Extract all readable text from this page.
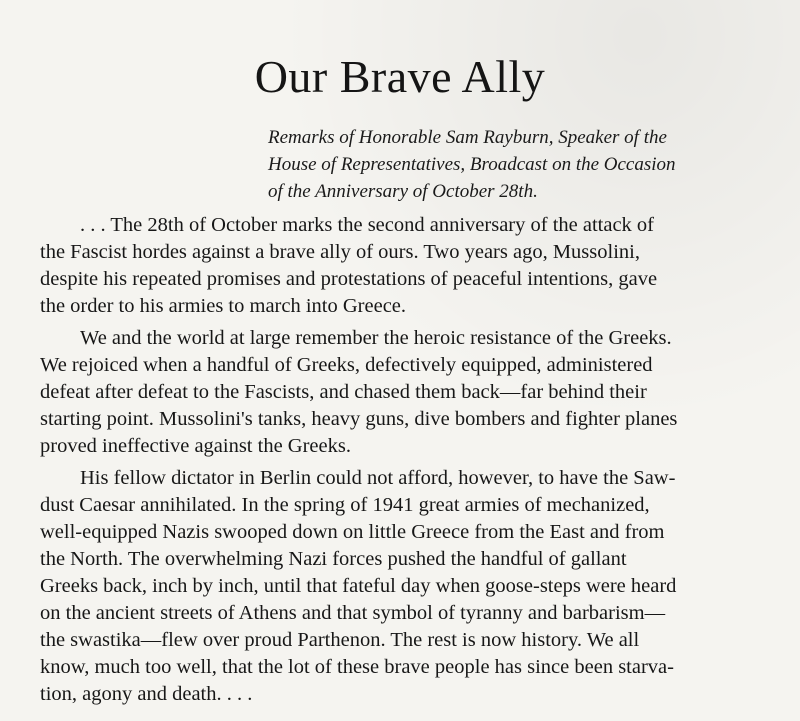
Our Brave Ally

Remarks of Honorable Sam Rayburn, Speaker of the
House of Representatives, Broadcast on the Occasion
of the Anniversary of October 28th.

. . . The 28th of October marks the second anniversary of the attack of
the Fascist hordes against a brave ally of ours. Two years ago, Mussolini,
despite his repeated promises and protestations of peaceful intentions, gave
the order to his armies to march into Greece.
We and the world at large remember the heroic resistance of the Greeks.
We rejoiced when a handful of Greeks, defectively equipped, administered
defeat after defeat to the Fascists, and chased them back—far behind their
starting point. Mussolini's tanks, heavy guns, dive bombers and fighter planes
proved ineffective against the Greeks.
His fellow dictator in Berlin could not afford, however, to have the Saw-
dust Caesar annihilated. In the spring of 1941 great armies of mechanized,
well-equipped Nazis swooped down on little Greece from the East and from
the North. The overwhelming Nazi forces pushed the handful of gallant
Greeks back, inch by inch, until that fateful day when goose-steps were heard
on the ancient streets of Athens and that symbol of tyranny and barbarism—
the swastika—flew over proud Parthenon. The rest is now history. We all
know, much too well, that the lot of these brave people has since been starva-
tion, agony and death. . . .
